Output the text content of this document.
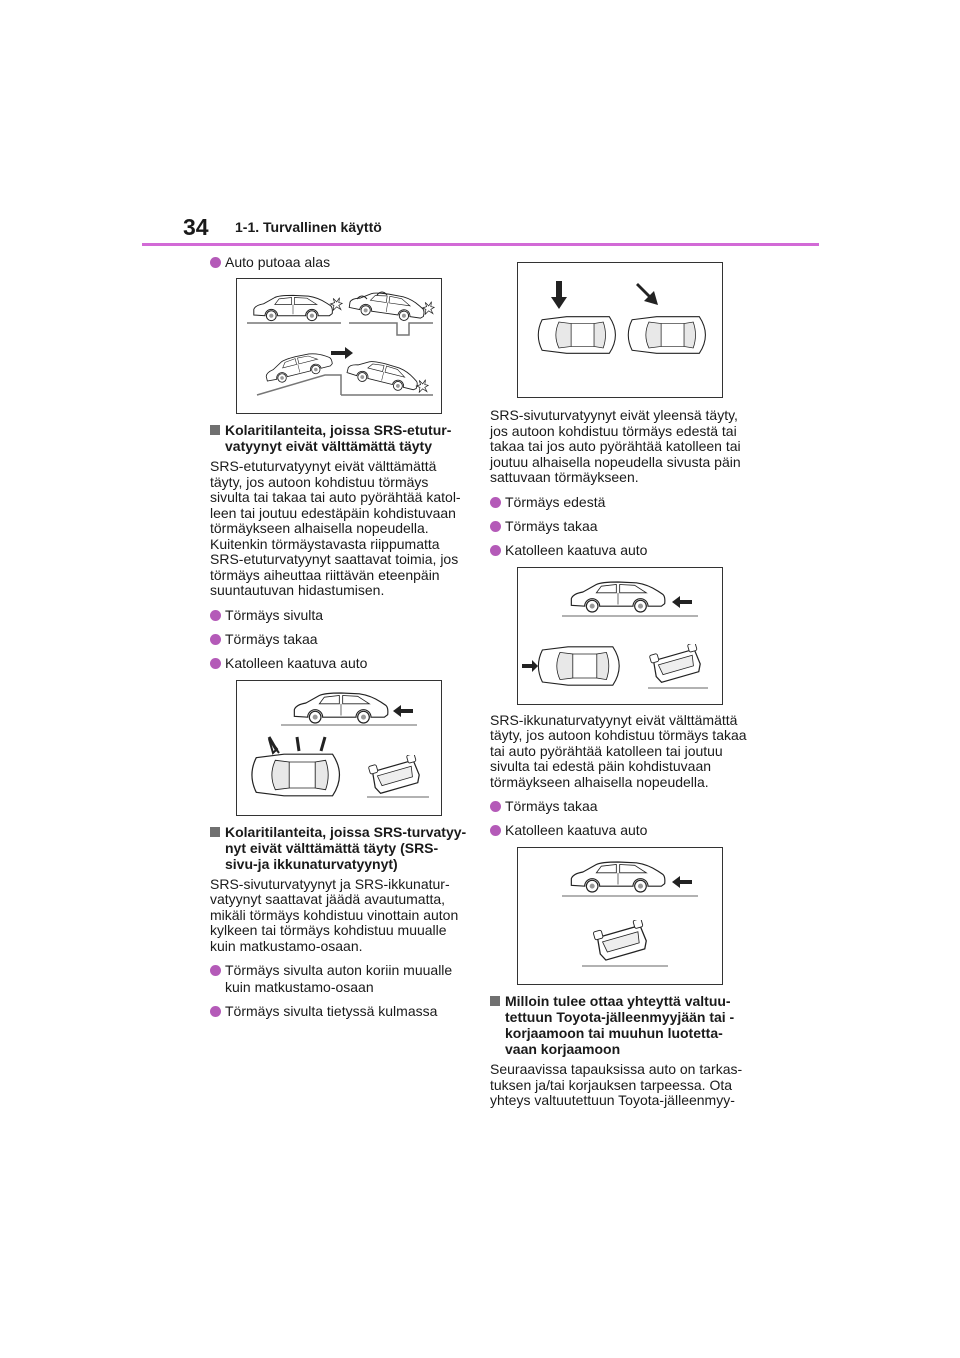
34 1-1. Turvallinen käyttö
Auto putoaa alas
Kolaritilanteita, joissa SRS-etutur-vatyynyt eivät välttämättä täyty
SRS-etuturvatyynyt eivät välttämättä täyty, jos autoon kohdistuu törmäys sivulta tai takaa tai auto pyörähtää katol-leen tai joutuu edestäpäin kohdistuvaan törmäykseen alhaisella nopeudella. Kuitenkin törmäystavasta riippumatta SRS-etuturvatyynyt saattavat toimia, jos törmäys aiheuttaa riittävän eteenpäin suuntautuvan hidastumisen.
Törmäys sivulta
Törmäys takaa
Katolleen kaatuva auto
Kolaritilanteita, joissa SRS-turvatyy-nyt eivät välttämättä täyty (SRS-sivu-ja ikkunaturvatyynyt)
SRS-sivuturvatyynyt ja SRS-ikkunatur-vatyynyt saattavat jäädä avautumatta, mikäli törmäys kohdistuu vinottain auton kylkeen tai törmäys kohdistuu muualle kuin matkustamo-osaan.
Törmäys sivulta auton koriin muualle kuin matkustamo-osaan
Törmäys sivulta tietyssä kulmassa
SRS-sivuturvatyynyt eivät yleensä täyty, jos autoon kohdistuu törmäys edestä tai takaa tai jos auto pyörähtää katolleen tai joutuu alhaisella nopeudella sivusta päin sattuvaan törmäykseen.
Törmäys edestä
Törmäys takaa
Katolleen kaatuva auto
SRS-ikkunaturvatyynyt eivät välttämättä täyty, jos autoon kohdistuu törmäys takaa tai auto pyörähtää katolleen tai joutuu sivulta tai edestä päin kohdistuvaan törmäykseen alhaisella nopeudella.
Törmäys takaa
Katolleen kaatuva auto
Milloin tulee ottaa yhteyttä valtuu-tettuun Toyota-jälleenmyyjään tai -korjaamoon tai muuhun luotetta-vaan korjaamoon
Seuraavissa tapauksissa auto on tarkas-tuksen ja/tai korjauksen tarpeessa. Ota yhteys valtuutettuun Toyota-jälleenmyy-
